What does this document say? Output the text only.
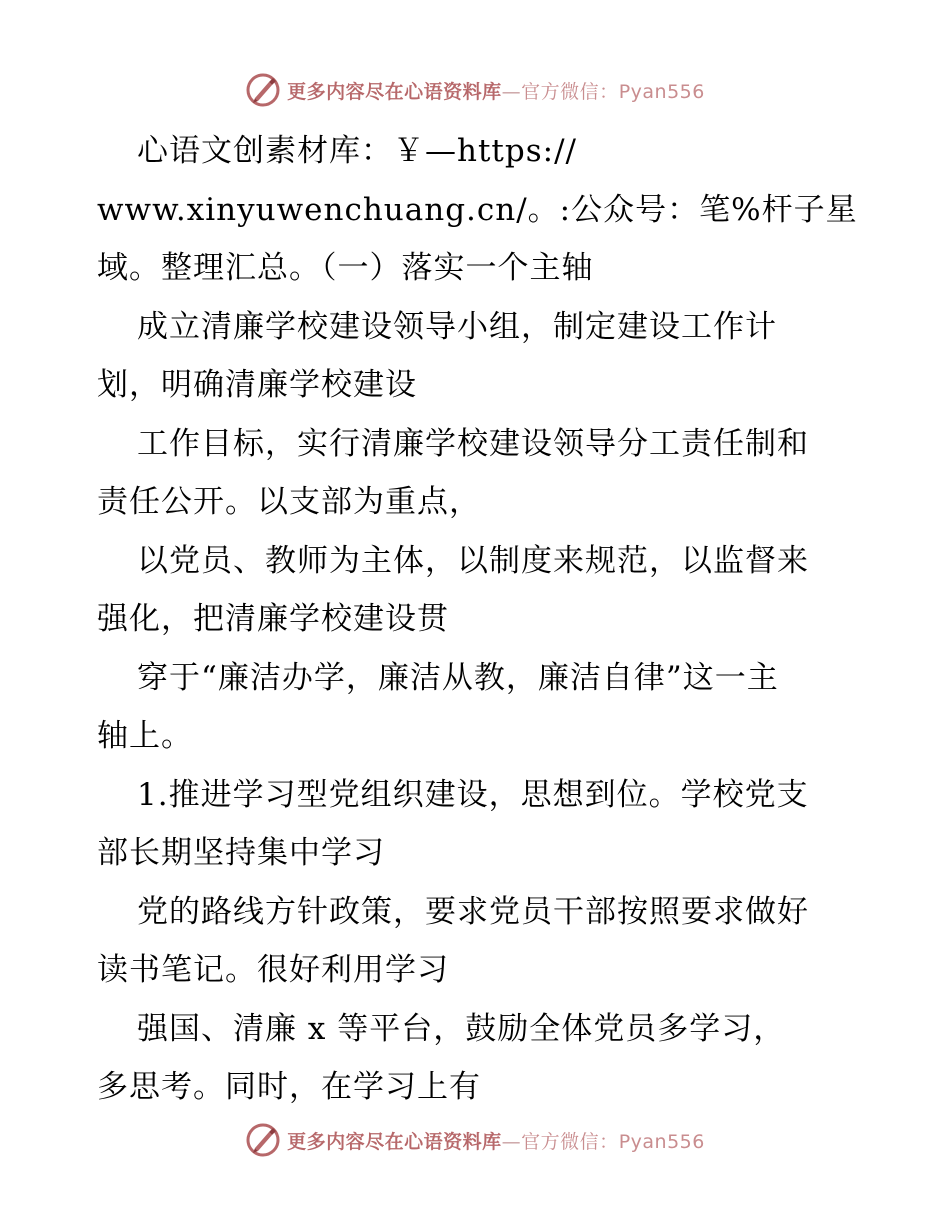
更多内容尽在心语资料库—官方微信：Pyan556
心语文创素材库：￥—https://
www.xinyuwenchuang.cn/。:公众号：笔%杆子星
域。整理汇总。（一）落实一个主轴
成立清廉学校建设领导小组，制定建设工作计
划，明确清廉学校建设
工作目标，实行清廉学校建设领导分工责任制和
责任公开。以支部为重点，
以党员、教师为主体，以制度来规范，以监督来
强化，把清廉学校建设贯
穿于“廉洁办学，廉洁从教，廉洁自律”这一主
轴上。
1.推进学习型党组织建设，思想到位。学校党支
部长期坚持集中学习
党的路线方针政策，要求党员干部按照要求做好
读书笔记。很好利用学习
强国、清廉 x 等平台，鼓励全体党员多学习，
多思考。同时，在学习上有
更多内容尽在心语资料库—官方微信：Pyan556
